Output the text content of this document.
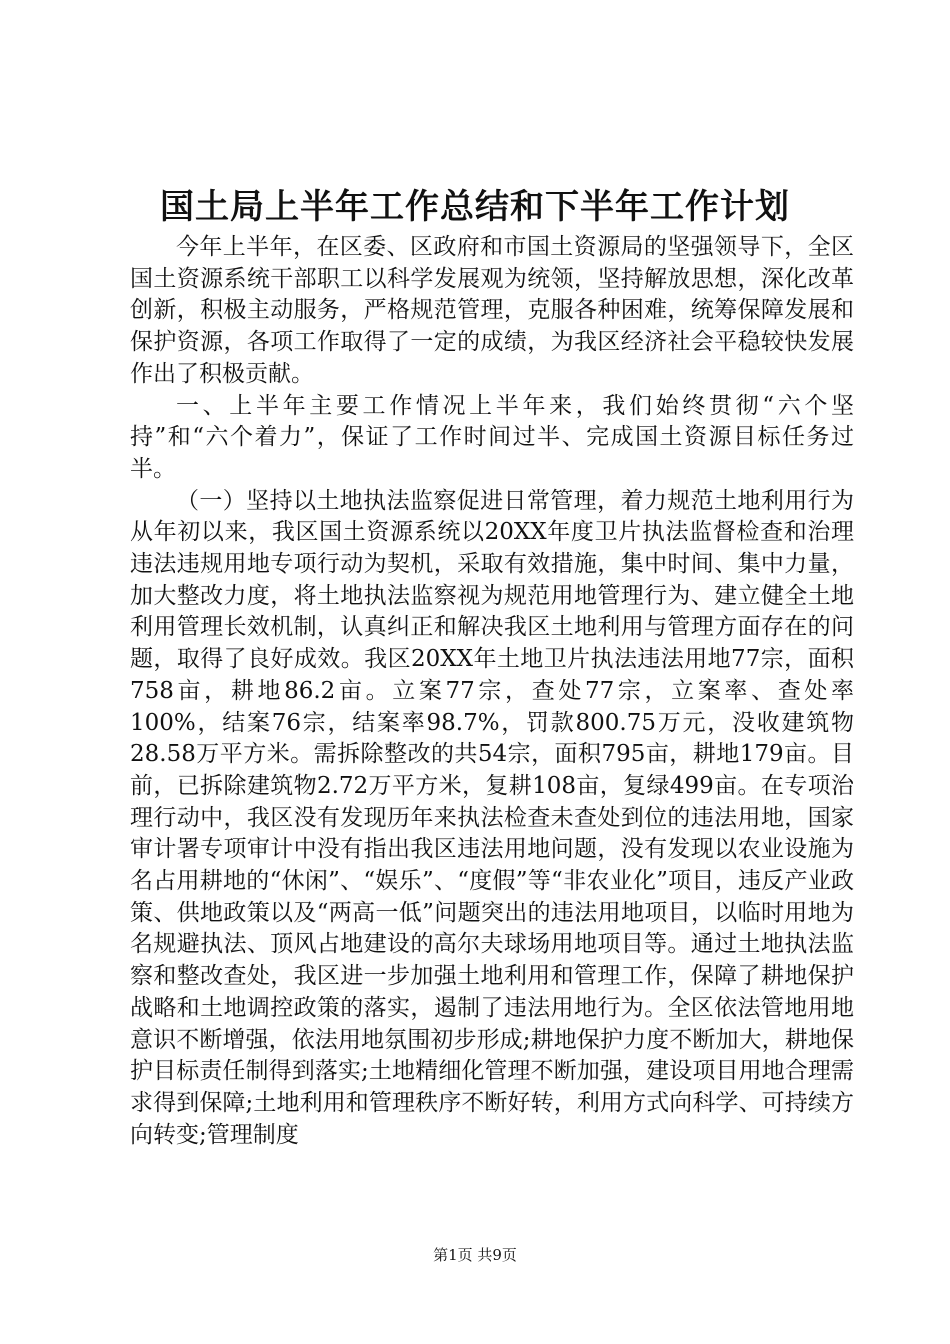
国土局上半年工作总结和下半年工作计划

今年上半年，在区委、区政府和市国土资源局的坚强领导下，全区国土资源系统干部职工以科学发展观为统领，坚持解放思想，深化改革创新，积极主动服务，严格规范管理，克服各种困难，统筹保障发展和保护资源，各项工作取得了一定的成绩，为我区经济社会平稳较快发展作出了积极贡献。

一、上半年主要工作情况上半年来，我们始终贯彻“六个坚持”和“六个着力”，保证了工作时间过半、完成国土资源目标任务过半。

（一）坚持以土地执法监察促进日常管理，着力规范土地利用行为从年初以来，我区国土资源系统以20XX年度卫片执法监督检查和治理违法违规用地专项行动为契机，采取有效措施，集中时间、集中力量，加大整改力度，将土地执法监察视为规范用地管理行为、建立健全土地利用管理长效机制，认真纠正和解决我区土地利用与管理方面存在的问题，取得了良好成效。我区20XX年土地卫片执法违法用地77宗，面积758亩，耕地86.2亩。立案77宗，查处77宗，立案率、查处率100%，结案76宗，结案率98.7%，罚款800.75万元，没收建筑物28.58万平方米。需拆除整改的共54宗，面积795亩，耕地179亩。目前，已拆除建筑物2.72万平方米，复耕108亩，复绿499亩。在专项治理行动中，我区没有发现历年来执法检查未查处到位的违法用地，国家审计署专项审计中没有指出我区违法用地问题，没有发现以农业设施为名占用耕地的“休闲”、“娱乐”、“度假”等“非农业化”项目，违反产业政策、供地政策以及“两高一低”问题突出的违法用地项目，以临时用地为名规避执法、顶风占地建设的高尔夫球场用地项目等。通过土地执法监察和整改查处，我区进一步加强土地利用和管理工作，保障了耕地保护战略和土地调控政策的落实，遏制了违法用地行为。全区依法管地用地意识不断增强，依法用地氛围初步形成;耕地保护力度不断加大，耕地保护目标责任制得到落实;土地精细化管理不断加强，建设项目用地合理需求得到保障;土地利用和管理秩序不断好转，利用方式向科学、可持续方向转变;管理制度

第1页 共9页
